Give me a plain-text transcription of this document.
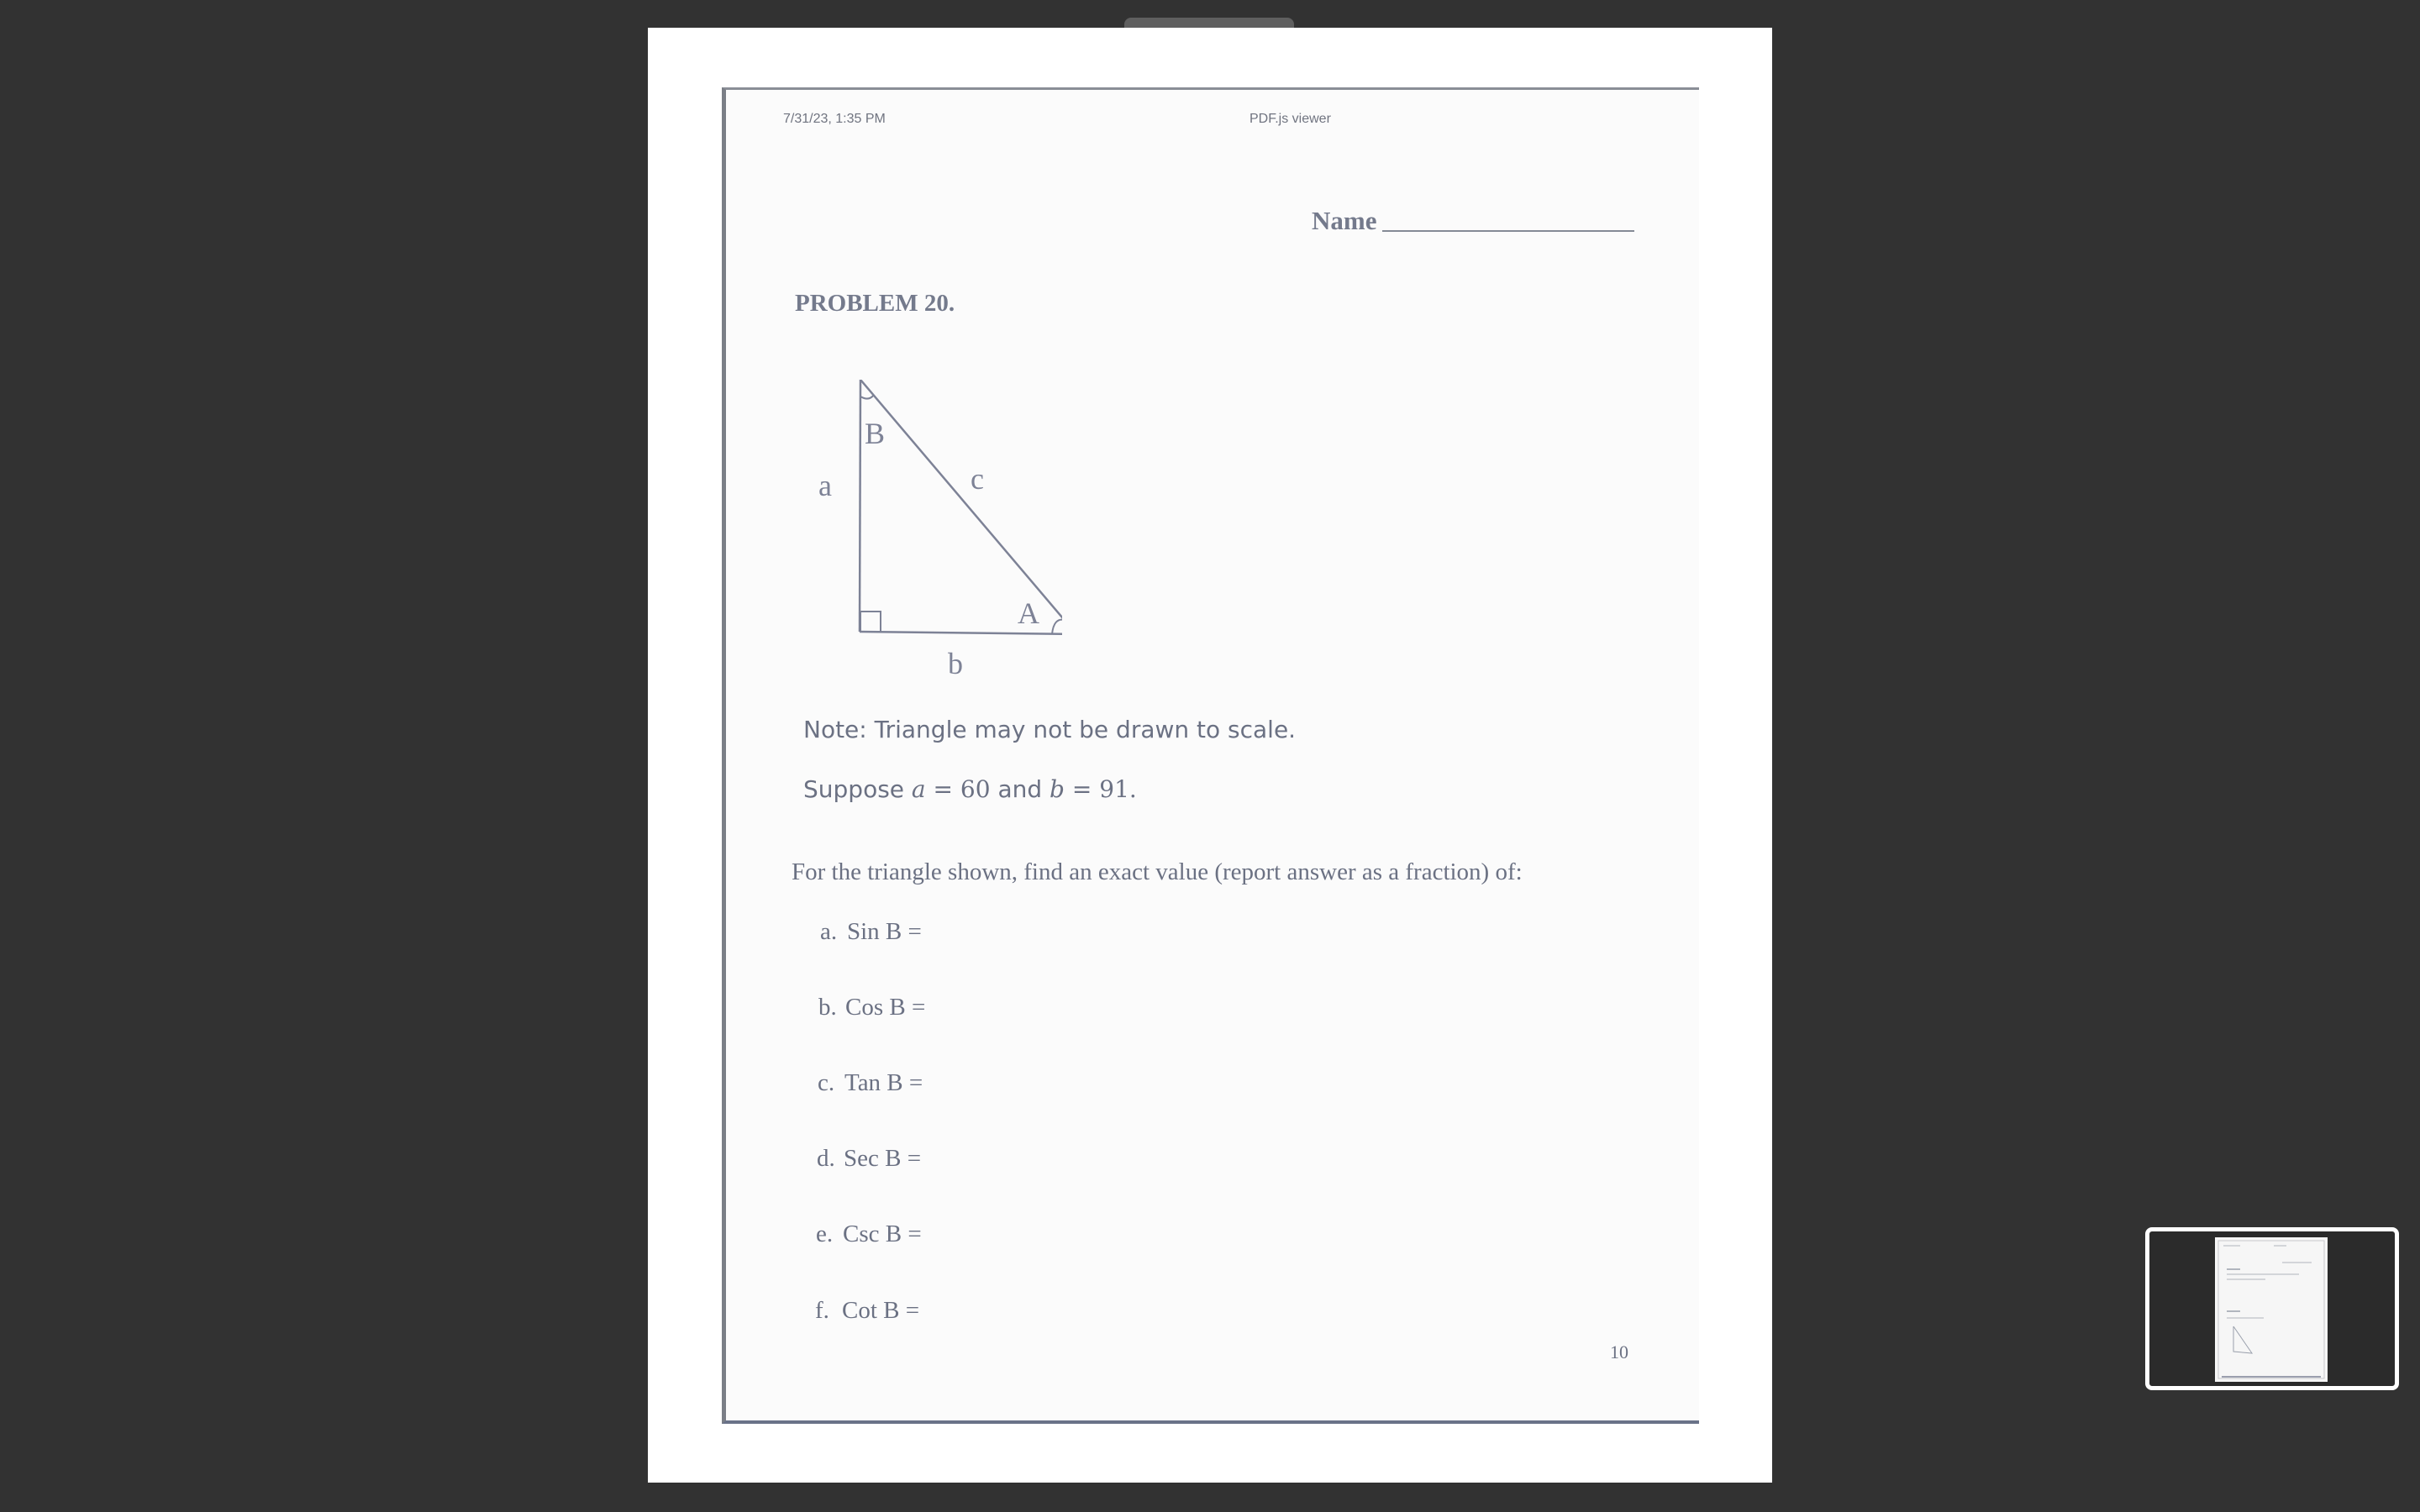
Page 2 of 2
7/31/23, 1:35 PM	PDF.js viewer
Name
PROBLEM 20.
B
A
a
b
c
Note: Triangle may not be drawn to scale.
Suppose a = 60 and b = 91.
For the triangle shown, find an exact value (report answer as a fraction) of:
a. Sin B =
b. Cos B =
c. Tan B =
d. Sec B =
e. Csc B =
f. Cot B =
10
